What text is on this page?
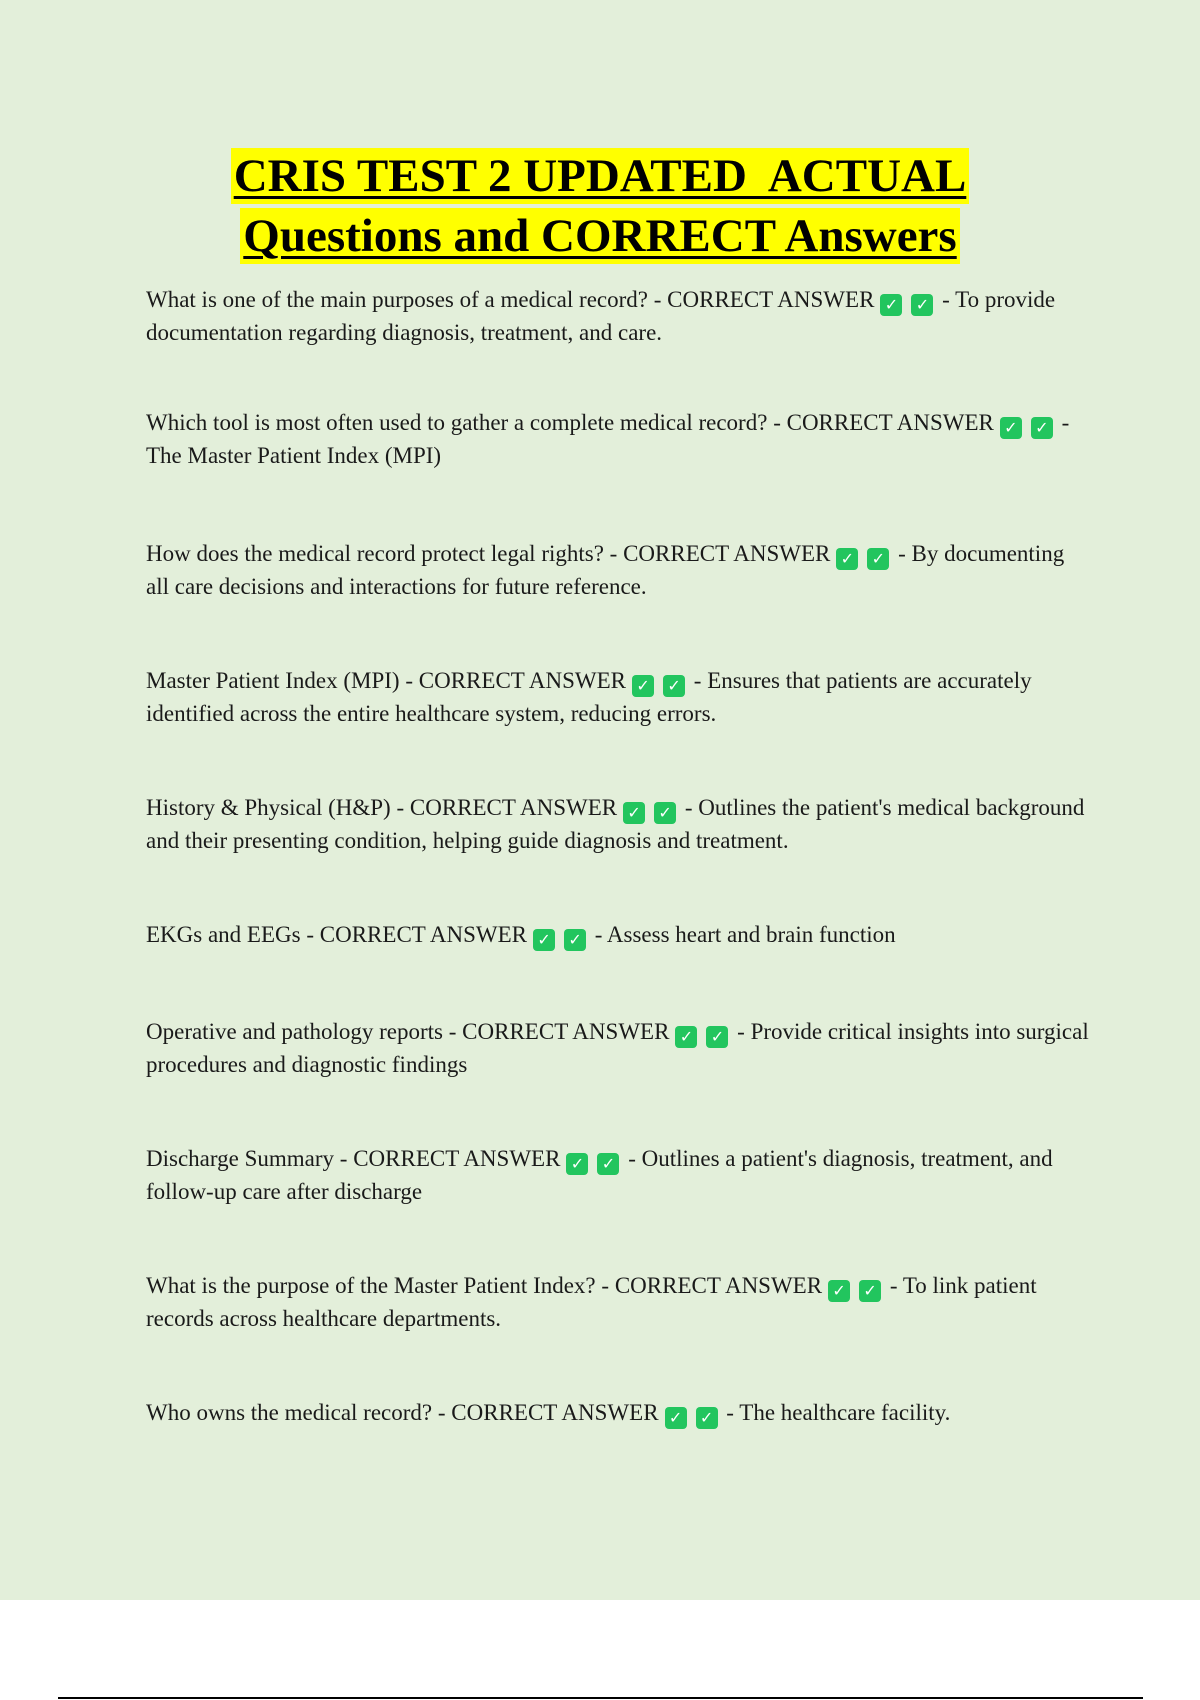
CRIS TEST 2 UPDATED  ACTUAL
Questions and CORRECT Answers
What is one of the main purposes of a medical record? - CORRECT ANSWER ✓ ✓ - To provide documentation regarding diagnosis, treatment, and care.
Which tool is most often used to gather a complete medical record? - CORRECT ANSWER ✓ ✓ - The Master Patient Index (MPI)
How does the medical record protect legal rights? - CORRECT ANSWER ✓ ✓ - By documenting all care decisions and interactions for future reference.
Master Patient Index (MPI) - CORRECT ANSWER ✓ ✓ - Ensures that patients are accurately identified across the entire healthcare system, reducing errors.
History & Physical (H&P) - CORRECT ANSWER ✓ ✓ - Outlines the patient's medical background and their presenting condition, helping guide diagnosis and treatment.
EKGs and EEGs - CORRECT ANSWER ✓ ✓ - Assess heart and brain function
Operative and pathology reports - CORRECT ANSWER ✓ ✓ - Provide critical insights into surgical procedures and diagnostic findings
Discharge Summary - CORRECT ANSWER ✓ ✓ - Outlines a patient's diagnosis, treatment, and follow-up care after discharge
What is the purpose of the Master Patient Index? - CORRECT ANSWER ✓ ✓ - To link patient records across healthcare departments.
Who owns the medical record? - CORRECT ANSWER ✓ ✓ - The healthcare facility.
